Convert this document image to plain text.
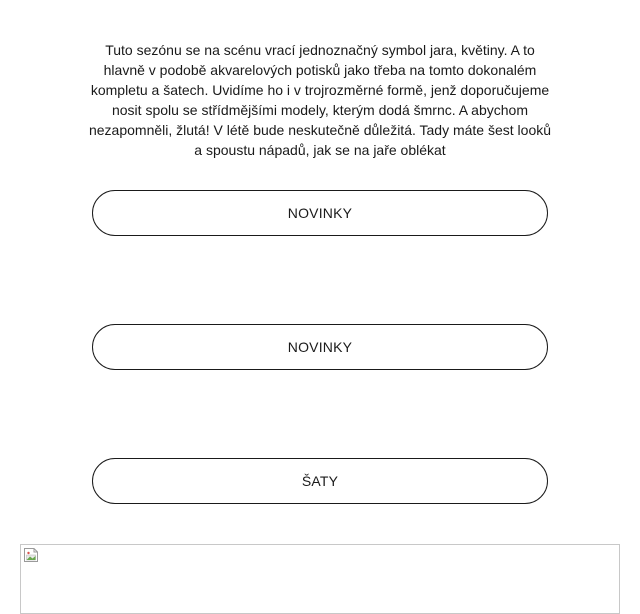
Tuto sezónu se na scénu vrací jednoznačný symbol jara, květiny. A to hlavně v podobě akvarelových potisků jako třeba na tomto dokonalém kompletu a šatech. Uvidíme ho i v trojrozměrné formě, jenž doporučujeme nosit spolu se střídmějšími modely, kterým dodá šmrnc. A abychom nezapomněli, žlutá! V létě bude neskutečně důležitá. Tady máte šest looků a spoustu nápadů, jak se na jaře oblékat

NOVINKY
NOVINKY
ŠATY
